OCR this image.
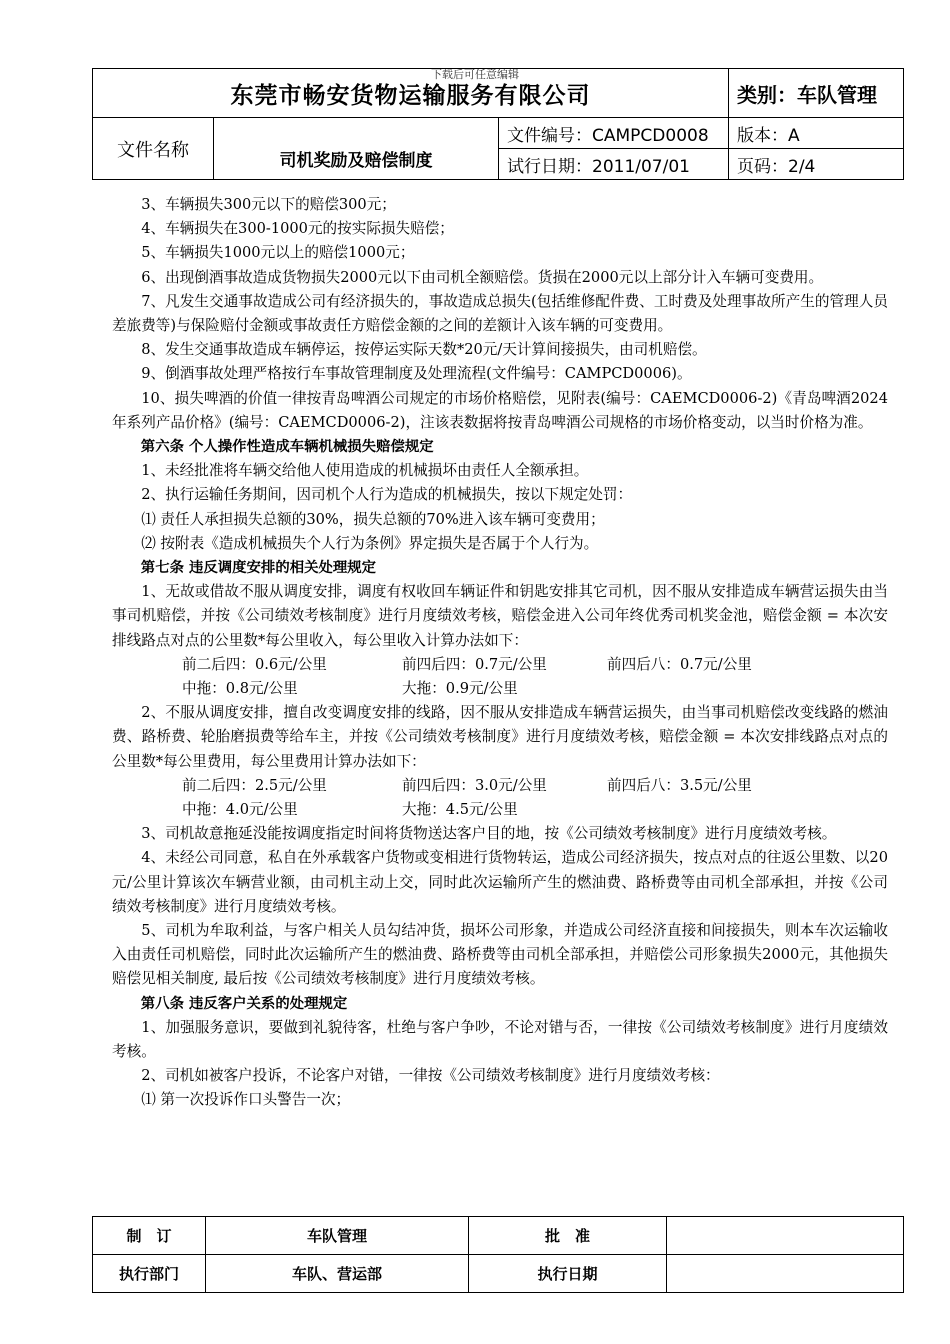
下载后可任意编辑
东莞市畅安货物运输服务有限公司			类别：车队管理
文件名称	司机奖励及赔偿制度	文件编号：CAMPCD0008	版本：A
		试行日期：2011/07/01	页码：2/4

3、车辆损失300元以下的赔偿300元；

4、车辆损失在300-1000元的按实际损失赔偿；

5、车辆损失1000元以上的赔偿1000元；

6、出现倒酒事故造成货物损失2000元以下由司机全额赔偿。货损在2000元以上部分计入车辆可变费用。

7、凡发生交通事故造成公司有经济损失的，事故造成总损失(包括维修配件费、工时费及处理事故所产生的管理人员差旅费等)与保险赔付金额或事故责任方赔偿金额的之间的差额计入该车辆的可变费用。

8、发生交通事故造成车辆停运，按停运实际天数*20元/天计算间接损失，由司机赔偿。

9、倒酒事故处理严格按行车事故管理制度及处理流程(文件编号：CAMPCD0006)。

10、损失啤酒的价值一律按青岛啤酒公司规定的市场价格赔偿，见附表(编号：CAEMCD0006-2)《青岛啤酒2024年系列产品价格》(编号：CAEMCD0006-2)，注该表数据将按青岛啤酒公司规格的市场价格变动，以当时价格为准。

第六条 个人操作性造成车辆机械损失赔偿规定

1、未经批准将车辆交给他人使用造成的机械损坏由责任人全额承担。

2、执行运输任务期间，因司机个人行为造成的机械损失，按以下规定处罚：

⑴ 责任人承担损失总额的30%，损失总额的70%进入该车辆可变费用；

⑵ 按附表《造成机械损失个人行为条例》界定损失是否属于个人行为。

第七条 违反调度安排的相关处理规定

1、无故或借故不服从调度安排，调度有权收回车辆证件和钥匙安排其它司机，因不服从安排造成车辆营运损失由当事司机赔偿，并按《公司绩效考核制度》进行月度绩效考核，赔偿金进入公司年终优秀司机奖金池，赔偿金额 = 本次安排线路点对点的公里数*每公里收入，每公里收入计算办法如下：

前二后四：0.6元/公里	前四后四：0.7元/公里	前四后八：0.7元/公里
中拖：0.8元/公里	大拖：0.9元/公里

2、不服从调度安排，擅自改变调度安排的线路，因不服从安排造成车辆营运损失，由当事司机赔偿改变线路的燃油费、路桥费、轮胎磨损费等给车主，并按《公司绩效考核制度》进行月度绩效考核，赔偿金额 = 本次安排线路点对点的公里数*每公里费用，每公里费用计算办法如下：

前二后四：2.5元/公里	前四后四：3.0元/公里	前四后八：3.5元/公里
中拖：4.0元/公里	大拖：4.5元/公里

3、司机故意拖延没能按调度指定时间将货物送达客户目的地，按《公司绩效考核制度》进行月度绩效考核。

4、未经公司同意，私自在外承载客户货物或变相进行货物转运，造成公司经济损失，按点对点的往返公里数、以20元/公里计算该次车辆营业额，由司机主动上交，同时此次运输所产生的燃油费、路桥费等由司机全部承担，并按《公司绩效考核制度》进行月度绩效考核。

5、司机为牟取利益，与客户相关人员勾结冲货，损坏公司形象，并造成公司经济直接和间接损失，则本车次运输收入由责任司机赔偿，同时此次运输所产生的燃油费、路桥费等由司机全部承担，并赔偿公司形象损失2000元，其他损失赔偿见相关制度, 最后按《公司绩效考核制度》进行月度绩效考核。

第八条 违反客户关系的处理规定

1、加强服务意识，要做到礼貌待客，杜绝与客户争吵，不论对错与否，一律按《公司绩效考核制度》进行月度绩效考核。

2、司机如被客户投诉，不论客户对错，一律按《公司绩效考核制度》进行月度绩效考核：

⑴ 第一次投诉作口头警告一次；

制　订	车队管理	批　准	
执行部门	车队、营运部	执行日期	
